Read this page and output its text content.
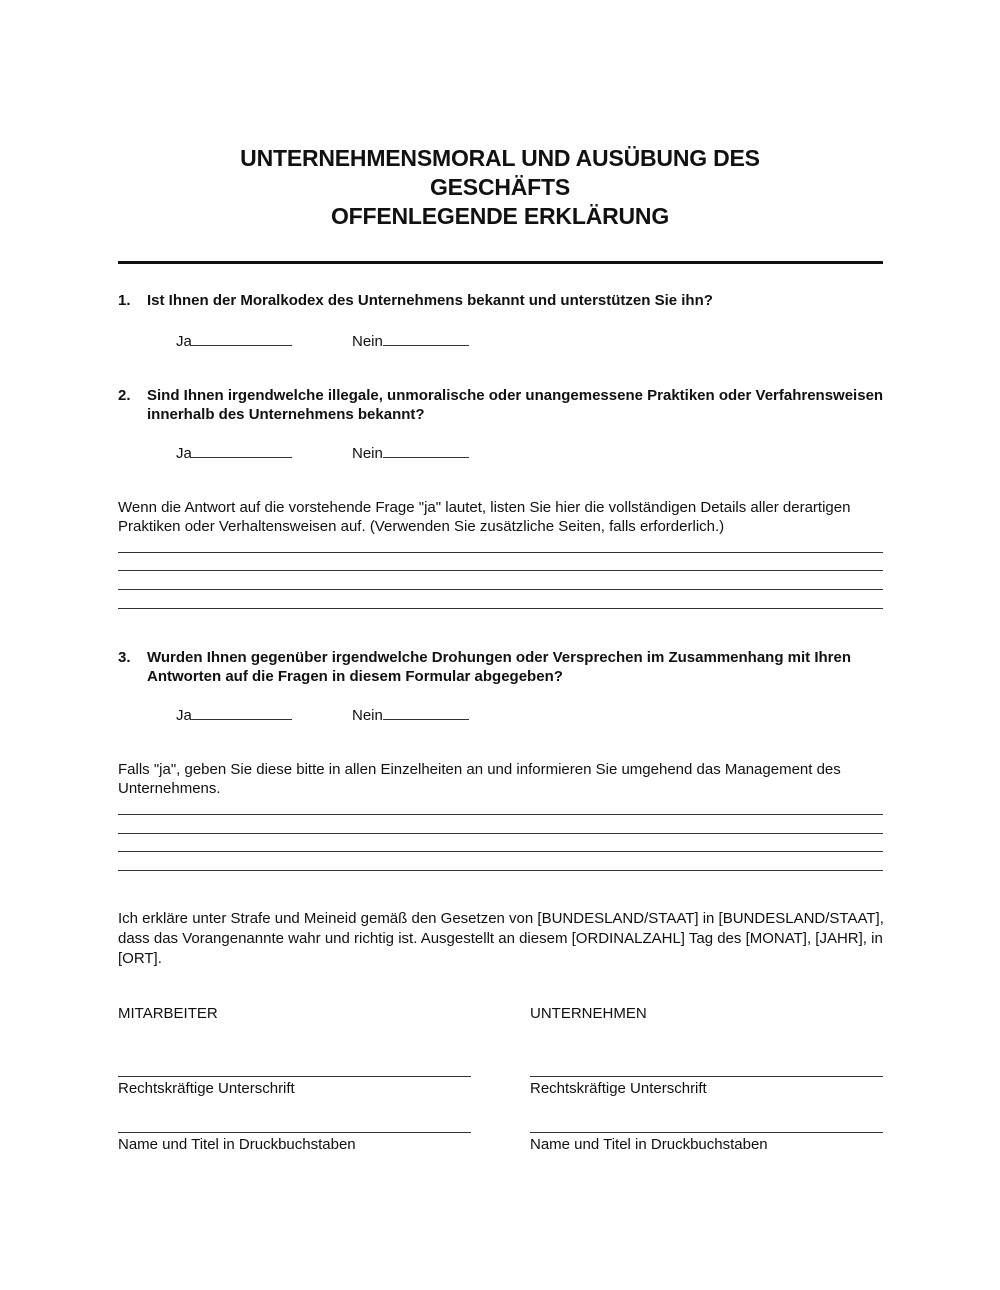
UNTERNEHMENSMORAL UND AUSÜBUNG DES
GESCHÄFTS
OFFENLEGENDE ERKLÄRUNG
1. Ist Ihnen der Moralkodex des Unternehmens bekannt und unterstützen Sie ihn?
Ja	Nein
2. Sind Ihnen irgendwelche illegale, unmoralische oder unangemessene Praktiken oder Verfahrensweisen innerhalb des Unternehmens bekannt?
Ja	Nein
Wenn die Antwort auf die vorstehende Frage "ja" lautet, listen Sie hier die vollständigen Details aller derartigen Praktiken oder Verhaltensweisen auf. (Verwenden Sie zusätzliche Seiten, falls erforderlich.)
3. Wurden Ihnen gegenüber irgendwelche Drohungen oder Versprechen im Zusammenhang mit Ihren Antworten auf die Fragen in diesem Formular abgegeben?
Ja	Nein
Falls "ja", geben Sie diese bitte in allen Einzelheiten an und informieren Sie umgehend das Management des Unternehmens.
Ich erkläre unter Strafe und Meineid gemäß den Gesetzen von [BUNDESLAND/STAAT] in [BUNDESLAND/STAAT], dass das Vorangenannte wahr und richtig ist. Ausgestellt an diesem [ORDINALZAHL] Tag des [MONAT], [JAHR], in [ORT].
MITARBEITER
Rechtskräftige Unterschrift
Name und Titel in Druckbuchstaben
UNTERNEHMEN
Rechtskräftige Unterschrift
Name und Titel in Druckbuchstaben
